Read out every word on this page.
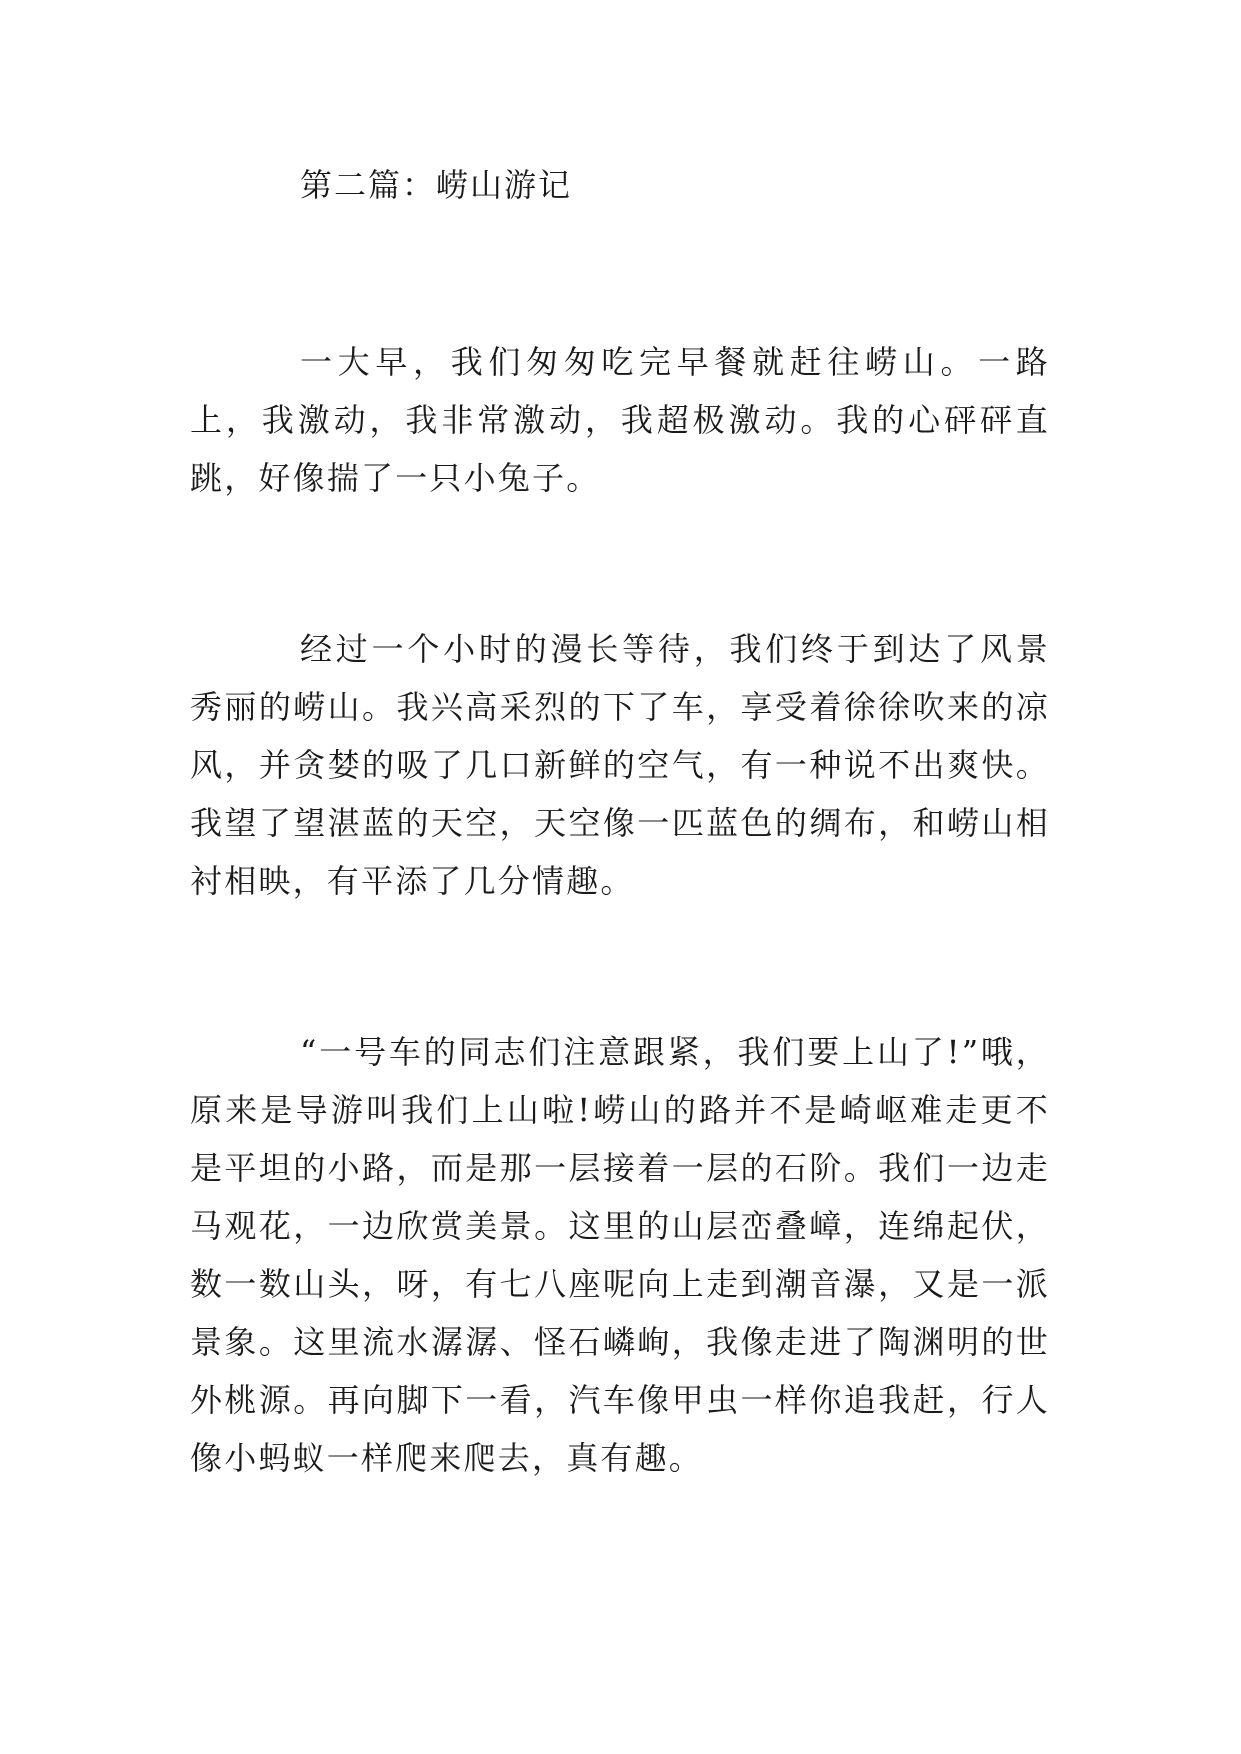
第二篇：崂山游记

一大早，我们匆匆吃完早餐就赶往崂山。一路上，我激动，我非常激动，我超极激动。我的心砰砰直跳，好像揣了一只小兔子。

经过一个小时的漫长等待，我们终于到达了风景秀丽的崂山。我兴高采烈的下了车，享受着徐徐吹来的凉风，并贪婪的吸了几口新鲜的空气，有一种说不出爽快。我望了望湛蓝的天空，天空像一匹蓝色的绸布，和崂山相衬相映，有平添了几分情趣。

“一号车的同志们注意跟紧，我们要上山了!”哦，原来是导游叫我们上山啦!崂山的路并不是崎岖难走更不是平坦的小路，而是那一层接着一层的石阶。我们一边走马观花，一边欣赏美景。这里的山层峦叠嶂，连绵起伏，数一数山头，呀，有七八座呢向上走到潮音瀑，又是一派景象。这里流水潺潺、怪石嶙峋，我像走进了陶渊明的世外桃源。再向脚下一看，汽车像甲虫一样你追我赶，行人像小蚂蚁一样爬来爬去，真有趣。
